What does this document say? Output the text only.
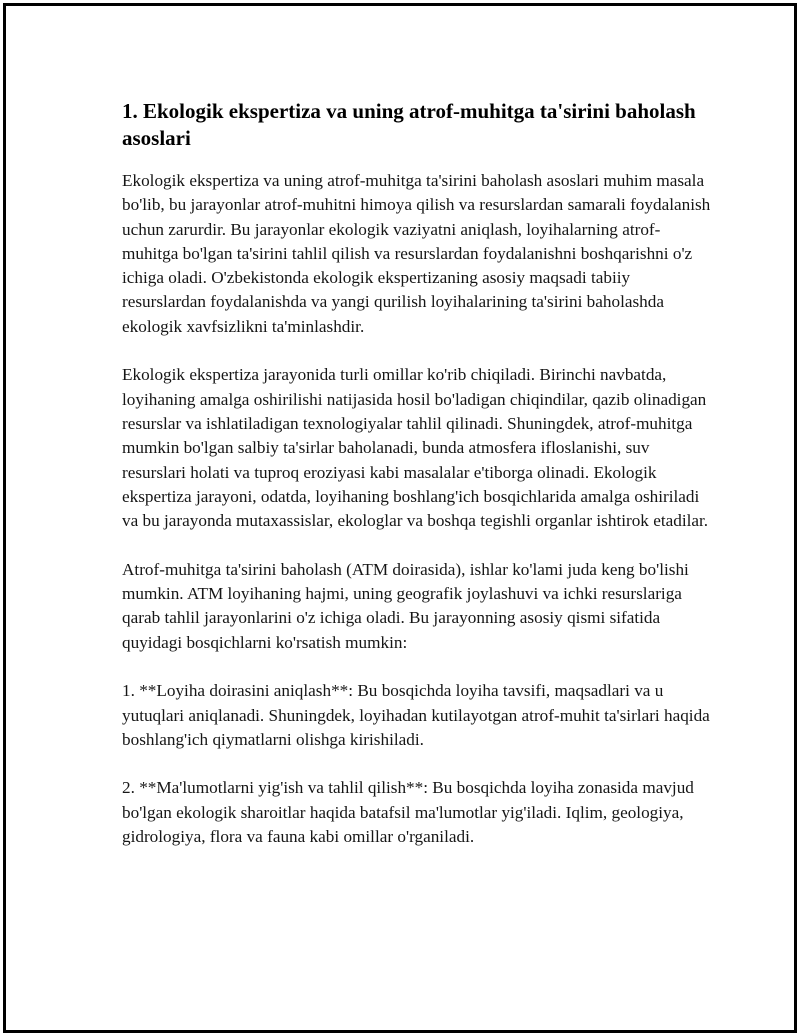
1. Ekologik ekspertiza va uning atrof-muhitga ta'sirini baholash asoslari

Ekologik ekspertiza va uning atrof-muhitga ta'sirini baholash asoslari muhim masala bo'lib, bu jarayonlar atrof-muhitni himoya qilish va resurslardan samarali foydalanish uchun zarurdir. Bu jarayonlar ekologik vaziyatni aniqlash, loyihalarning atrof-muhitga bo'lgan ta'sirini tahlil qilish va resurslardan foydalanishni boshqarishni o'z ichiga oladi. O'zbekistonda ekologik ekspertizaning asosiy maqsadi tabiiy resurslardan foydalanishda va yangi qurilish loyihalarining ta'sirini baholashda ekologik xavfsizlikni ta'minlashdir.

Ekologik ekspertiza jarayonida turli omillar ko'rib chiqiladi. Birinchi navbatda, loyihaning amalga oshirilishi natijasida hosil bo'ladigan chiqindilar, qazib olinadigan resurslar va ishlatiladigan texnologiyalar tahlil qilinadi. Shuningdek, atrof-muhitga mumkin bo'lgan salbiy ta'sirlar baholanadi, bunda atmosfera ifloslanishi, suv resurslari holati va tuproq eroziyasi kabi masalalar e'tiborga olinadi. Ekologik ekspertiza jarayoni, odatda, loyihaning boshlang'ich bosqichlarida amalga oshiriladi va bu jarayonda mutaxassislar, ekologlar va boshqa tegishli organlar ishtirok etadilar.

Atrof-muhitga ta'sirini baholash (ATM doirasida), ishlar ko'lami juda keng bo'lishi mumkin. ATM loyihaning hajmi, uning geografik joylashuvi va ichki resurslariga qarab tahlil jarayonlarini o'z ichiga oladi. Bu jarayonning asosiy qismi sifatida quyidagi bosqichlarni ko'rsatish mumkin:

1. **Loyiha doirasini aniqlash**: Bu bosqichda loyiha tavsifi, maqsadlari va u yutuqlari aniqlanadi. Shuningdek, loyihadan kutilayotgan atrof-muhit ta'sirlari haqida boshlang'ich qiymatlarni olishga kirishiladi.

2. **Ma'lumotlarni yig'ish va tahlil qilish**: Bu bosqichda loyiha zonasida mavjud bo'lgan ekologik sharoitlar haqida batafsil ma'lumotlar yig'iladi. Iqlim, geologiya, gidrologiya, flora va fauna kabi omillar o'rganiladi.
